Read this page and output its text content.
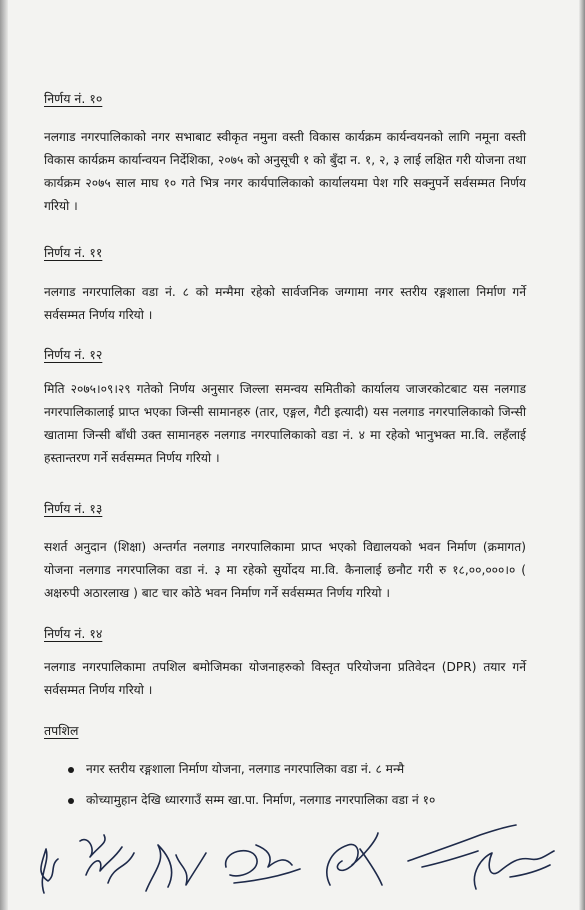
निर्णय नं. १०
नलगाड नगरपालिकाको नगर सभाबाट स्वीकृत नमुना वस्ती विकास कार्यक्रम कार्यन्वयनको लागि नमूना वस्ती विकास कार्यक्रम कार्यान्वयन निर्देशिका, २०७५ को अनुसूची १ को बुँदा न. १, २, ३ लाई लक्षित गरी योजना तथा कार्यक्रम २०७५ साल माघ १० गते भित्र नगर कार्यपालिकाको कार्यालयमा पेश गरि सक्नुपर्ने सर्वसम्मत निर्णय गरियो ।
निर्णय नं. ११
नलगाड नगरपालिका वडा नं. ८ को मन्मैमा रहेको सार्वजनिक जग्गामा नगर स्तरीय रङ्गशाला निर्माण गर्ने सर्वसम्मत निर्णय गरियो ।
निर्णय नं. १२
मिति २०७५।०९।२९ गतेको निर्णय अनुसार जिल्ला समन्वय समितीको कार्यालय जाजरकोटबाट यस नलगाड नगरपालिकालाई प्राप्त भएका जिन्सी सामानहरु (तार, एङ्गल, गैटी इत्यादी) यस नलगाड नगरपालिकाको जिन्सी खातामा जिन्सी बाँधी उक्त सामानहरु नलगाड नगरपालिकाको वडा नं. ४ मा रहेको भानुभक्त मा.वि. लहँलाई हस्तान्तरण गर्ने सर्वसम्मत निर्णय गरियो ।
निर्णय नं. १३
सशर्त अनुदान (शिक्षा) अन्तर्गत नलगाड नगरपालिकामा प्राप्त भएको विद्यालयको भवन निर्माण (क्रमागत) योजना नलगाड नगरपालिका वडा नं. ३ मा रहेको सुर्योदय मा.वि. कैनालाई छनौट गरी रु १८,००,०००।० ( अक्षरुपी अठारलाख ) बाट चार कोठे भवन निर्माण गर्ने सर्वसम्मत निर्णय गरियो ।
निर्णय नं. १४
नलगाड नगरपालिकामा तपशिल बमोजिमका योजनाहरुको विस्तृत परियोजना प्रतिवेदन (DPR) तयार गर्ने सर्वसम्मत निर्णय गरियो ।
तपशिल
नगर स्तरीय रङ्गशाला निर्माण योजना, नलगाड नगरपालिका वडा नं. ८ मन्मै
कोच्यामुहान देखि ध्यारगाउँ सम्म खा.पा. निर्माण, नलगाड नगरपालिका वडा नं १०
